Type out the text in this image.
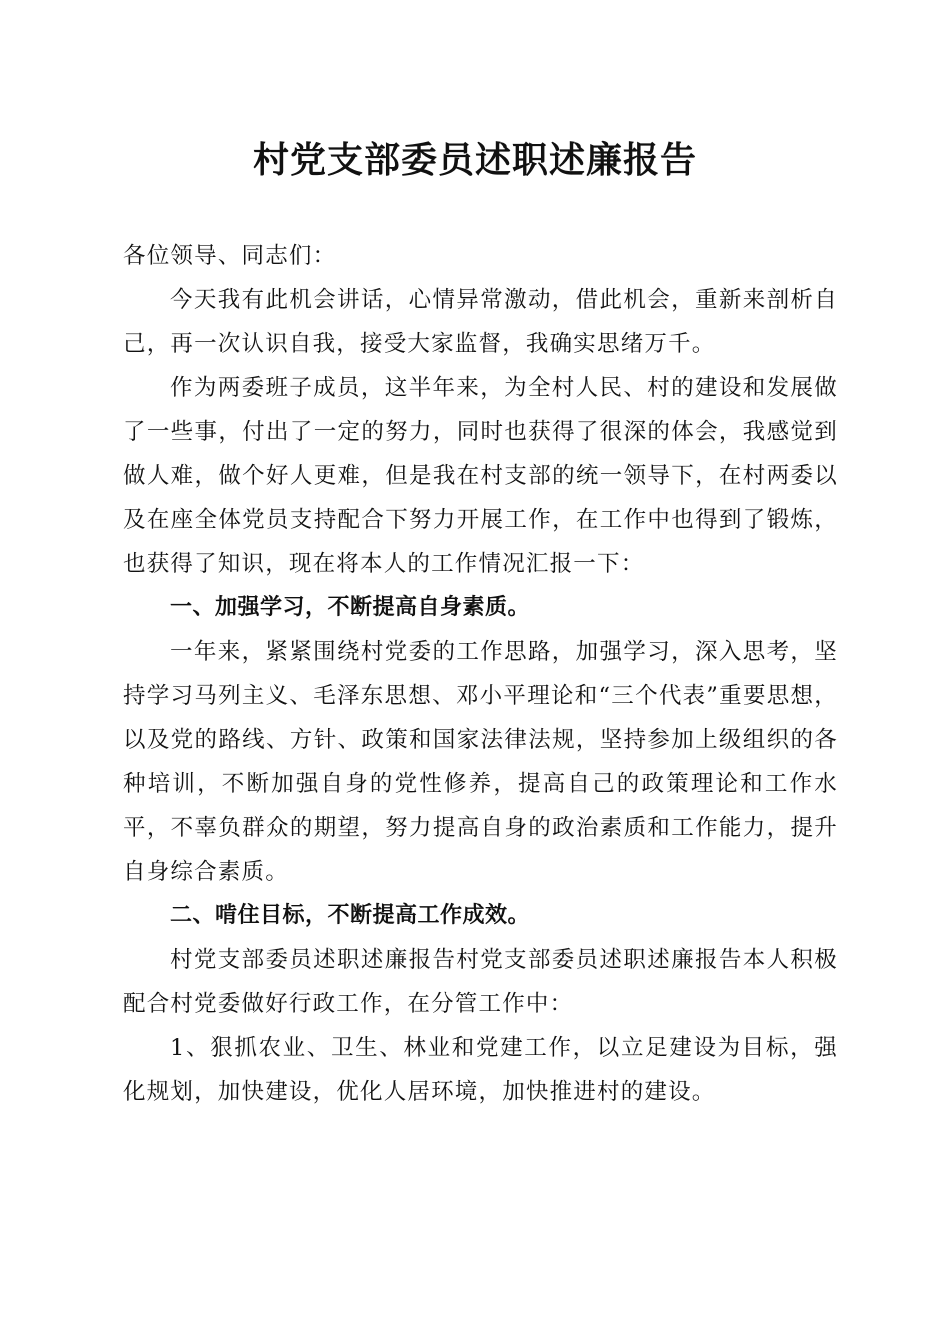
村党支部委员述职述廉报告

各位领导、同志们：

今天我有此机会讲话，心情异常激动，借此机会，重新来剖析自己，再一次认识自我，接受大家监督，我确实思绪万千。

作为两委班子成员，这半年来，为全村人民、村的建设和发展做了一些事，付出了一定的努力，同时也获得了很深的体会，我感觉到做人难，做个好人更难，但是我在村支部的统一领导下，在村两委以及在座全体党员支持配合下努力开展工作，在工作中也得到了锻炼，也获得了知识，现在将本人的工作情况汇报一下：

一、加强学习，不断提高自身素质。

一年来，紧紧围绕村党委的工作思路，加强学习，深入思考，坚持学习马列主义、毛泽东思想、邓小平理论和“三个代表”重要思想，以及党的路线、方针、政策和国家法律法规，坚持参加上级组织的各种培训，不断加强自身的党性修养，提高自己的政策理论和工作水平，不辜负群众的期望，努力提高自身的政治素质和工作能力，提升自身综合素质。

二、啃住目标，不断提高工作成效。

村党支部委员述职述廉报告村党支部委员述职述廉报告本人积极配合村党委做好行政工作，在分管工作中：

1、狠抓农业、卫生、林业和党建工作，以立足建设为目标，强化规划，加快建设，优化人居环境，加快推进村的建设。
